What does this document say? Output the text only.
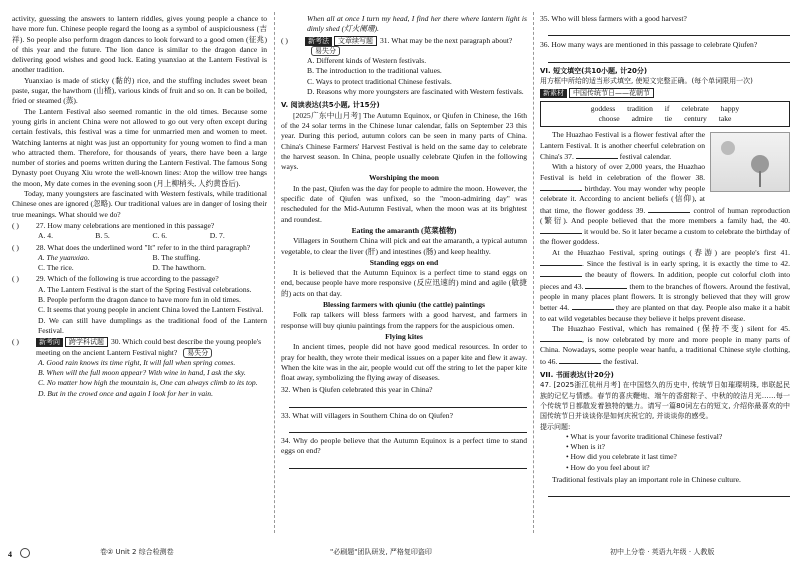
activity, guessing the answers to lantern riddles, gives young people a chance to have more fun. Chinese people regard the loong as a symbol of auspiciousness (吉祥). So people also perform dragon dances to look forward to a good omen (征兆) of this year and the future. The lion dance is similar to the dragon dance in delivering good wishes and good luck. Eating yuanxiao at the Lantern Festival is another tradition.

Yuanxiao is made of sticky (黏的) rice, and the stuffing includes sweet bean paste, sugar, the hawthorn (山楂), various kinds of fruit and so on. It can be boiled, fried or steamed (蒸).

The Lantern Festival also seemed romantic in the old times. Because some young girls in ancient China were not allowed to go out very often except during certain festivals, this festival was a time for unmarried men and women to meet. Watching lanterns at night was just an opportunity for young women to find a man who attracted them. Therefore, for thousands of years, there have been a large number of stories and poems written during the Lantern Festival. The famous Song Dynasty poet Ouyang Xiu wrote the well-known lines: Atop the willow tree hangs the moon, My date comes in the evening soon (月上柳梢头, 人约黄昏后).

Today, many youngsters are fascinated with Western festivals, while traditional Chinese ones are ignored (忽略). Our traditional values are in danger of losing their true meanings. What should we do?

( )	27. How many celebrations are mentioned in this passage?
A. 4.	B. 5.	C. 6.	D. 7.
( )	28. What does the underlined word "It" refer to in the third paragraph?
A. The yuanxiao.	B. The stuffing.
C. The rice.	D. The hawthorn.
( )	29. Which of the following is true according to the passage?

A. The Lantern Festival is the start of the Spring Festival celebrations.

B. People perform the dragon dance to have more fun in old times.

C. It seems that young people in ancient China loved the Lantern Festival.

D. We can still have dumplings as the traditional food of the Lantern Festival.

( )	新考向 跨学科试题 30. Which could best describe the young people's meeting on the ancient Lantern Festival night? 易失分

A. Good rain knows its time right, It will fall when spring comes.

B. When will the full moon appear? With wine in hand, I ask the sky.

C. No matter how high the mountain is, One can always climb to its top.

D. But in the crowd once and again I look for her in vain.

When all at once I turn my head, I find her there where lantern light is dimly shed (灯火阑珊).

( )	新考法 文章续写题 31. What may be the next paragraph about?易失分

A. Different kinds of Western festivals.

B. The introduction to the traditional values.

C. Ways to protect traditional Chinese festivals.

D. Reasons why more youngsters are fascinated with Western festivals.

V. 阅读表达(共5小题, 计15分)

[2025广东中山月考] The Autumn Equinox, or Qiufen in Chinese, the 16th of the 24 solar terms in the Chinese lunar calendar, falls on September 23 this year. During this period, autumn colors can be seen in many parts of China. China's Chinese Farmers' Harvest Festival is held on the same day to celebrate the harvest season. In China, people usually celebrate Qiufen in the following ways.

Worshiping the moon

In the past, Qiufen was the day for people to admire the moon. However, the specific date of Qiufen was unfixed, so the "moon-admiring day" was rescheduled for the Mid-Autumn Festival, when the moon was at its brightest and roundest.

Eating the amaranth (苋菜植物)

Villagers in Southern China will pick and eat the amaranth, a typical autumn vegetable, to clear the liver (肝) and intestines (肠) and keep healthy.

Standing eggs on end

It is believed that the Autumn Equinox is a perfect time to stand eggs on end, because people have more responsive (反应迅速的) mind and agile (敏捷的) acts on that day.

Blessing farmers with qiuniu (the cattle) paintings

Folk rap talkers will bless farmers with a good harvest, and farmers in response will buy qiuniu paintings from the rappers for the auspicious omen.

Flying kites

In ancient times, people did not have good medical resources. In order to pray for health, they wrote their medical issues on a paper kite and flew it away. When the kite was in the air, people would cut off the string to let the paper kite float away, symbolizing the flying away of diseases.

32. When is Qiufen celebrated this year in China?

33. What will villagers in Southern China do on Qiufen?

34. Why do people believe that the Autumn Equinox is a perfect time to stand eggs on end?

35. Who will bless farmers with a good harvest?

36. How many ways are mentioned in this passage to celebrate Qiufen?

VI. 短文填空(共10小题, 计20分)

用方框中所给的适当形式填空, 使短文完整正确。(每个单词限用一次)

新素材 中国传统节日——花朝节

goddess tradition if celebrate happy
choose admire tie century take

The Huazhao Festival is a flower festival after the Lantern Festival. It is another cheerful celebration on China's 37.	festival calendar.

With a history of over 2,000 years, the Huazhao Festival is held in celebration of the flower 38.  birthday. You may wonder why people celebrate it. According to ancient beliefs (信仰), at that time, the flower goddess 39.	control of human reproduction (繁衍). And people believed that the more members a family had, the 40.  it would be. So it later became a custom to celebrate the birthday of the flower goddess.

At the Huazhao Festival, spring outings (春游) are people's first 41. . Since the festival is in early spring, it is exactly the time to 42.  the beauty of flowers. In addition, people cut colorful cloth into pieces and 43.	them to the branches of flowers. Around the festival, people in many places plant flowers. It is strongly believed that they will grow better 44.	they are planted on that day. People also make it a habit to eat wild vegetables because they believe it helps prevent disease.

The Huazhao Festival, which has remained (保持不变) silent for 45. , is now celebrated by more and more people in many parts of China. Nowadays, some people wear hanfu, a traditional Chinese style clothing, to 46.	the festival.

VII. 书面表达(计20分)

47. [2025浙江杭州月考] 在中国悠久的历史中, 传统节日如璀璨明珠, 串联起民族的记忆与情感。春节的喜庆鞭炮、端午的香甜粽子、中秋的皎洁月光……每一个传统节日都散发着独特的魅力。请写一篇80词左右的短文, 介绍你最喜欢的中国传统节日并谈谈你是如何庆祝它的, 并谈谈你的感受。

提示问题:

• What is your favorite traditional Chinese festival?

• When is it?

• How did you celebrate it last time?

• How do you feel about it?

Traditional festivals play an important role in Chinese culture.

4	卷② Unit 2 综合检测卷	"必刷题"团队研发, 严格复印盗印	初中上分卷 · 英语九年级 · 人教版
